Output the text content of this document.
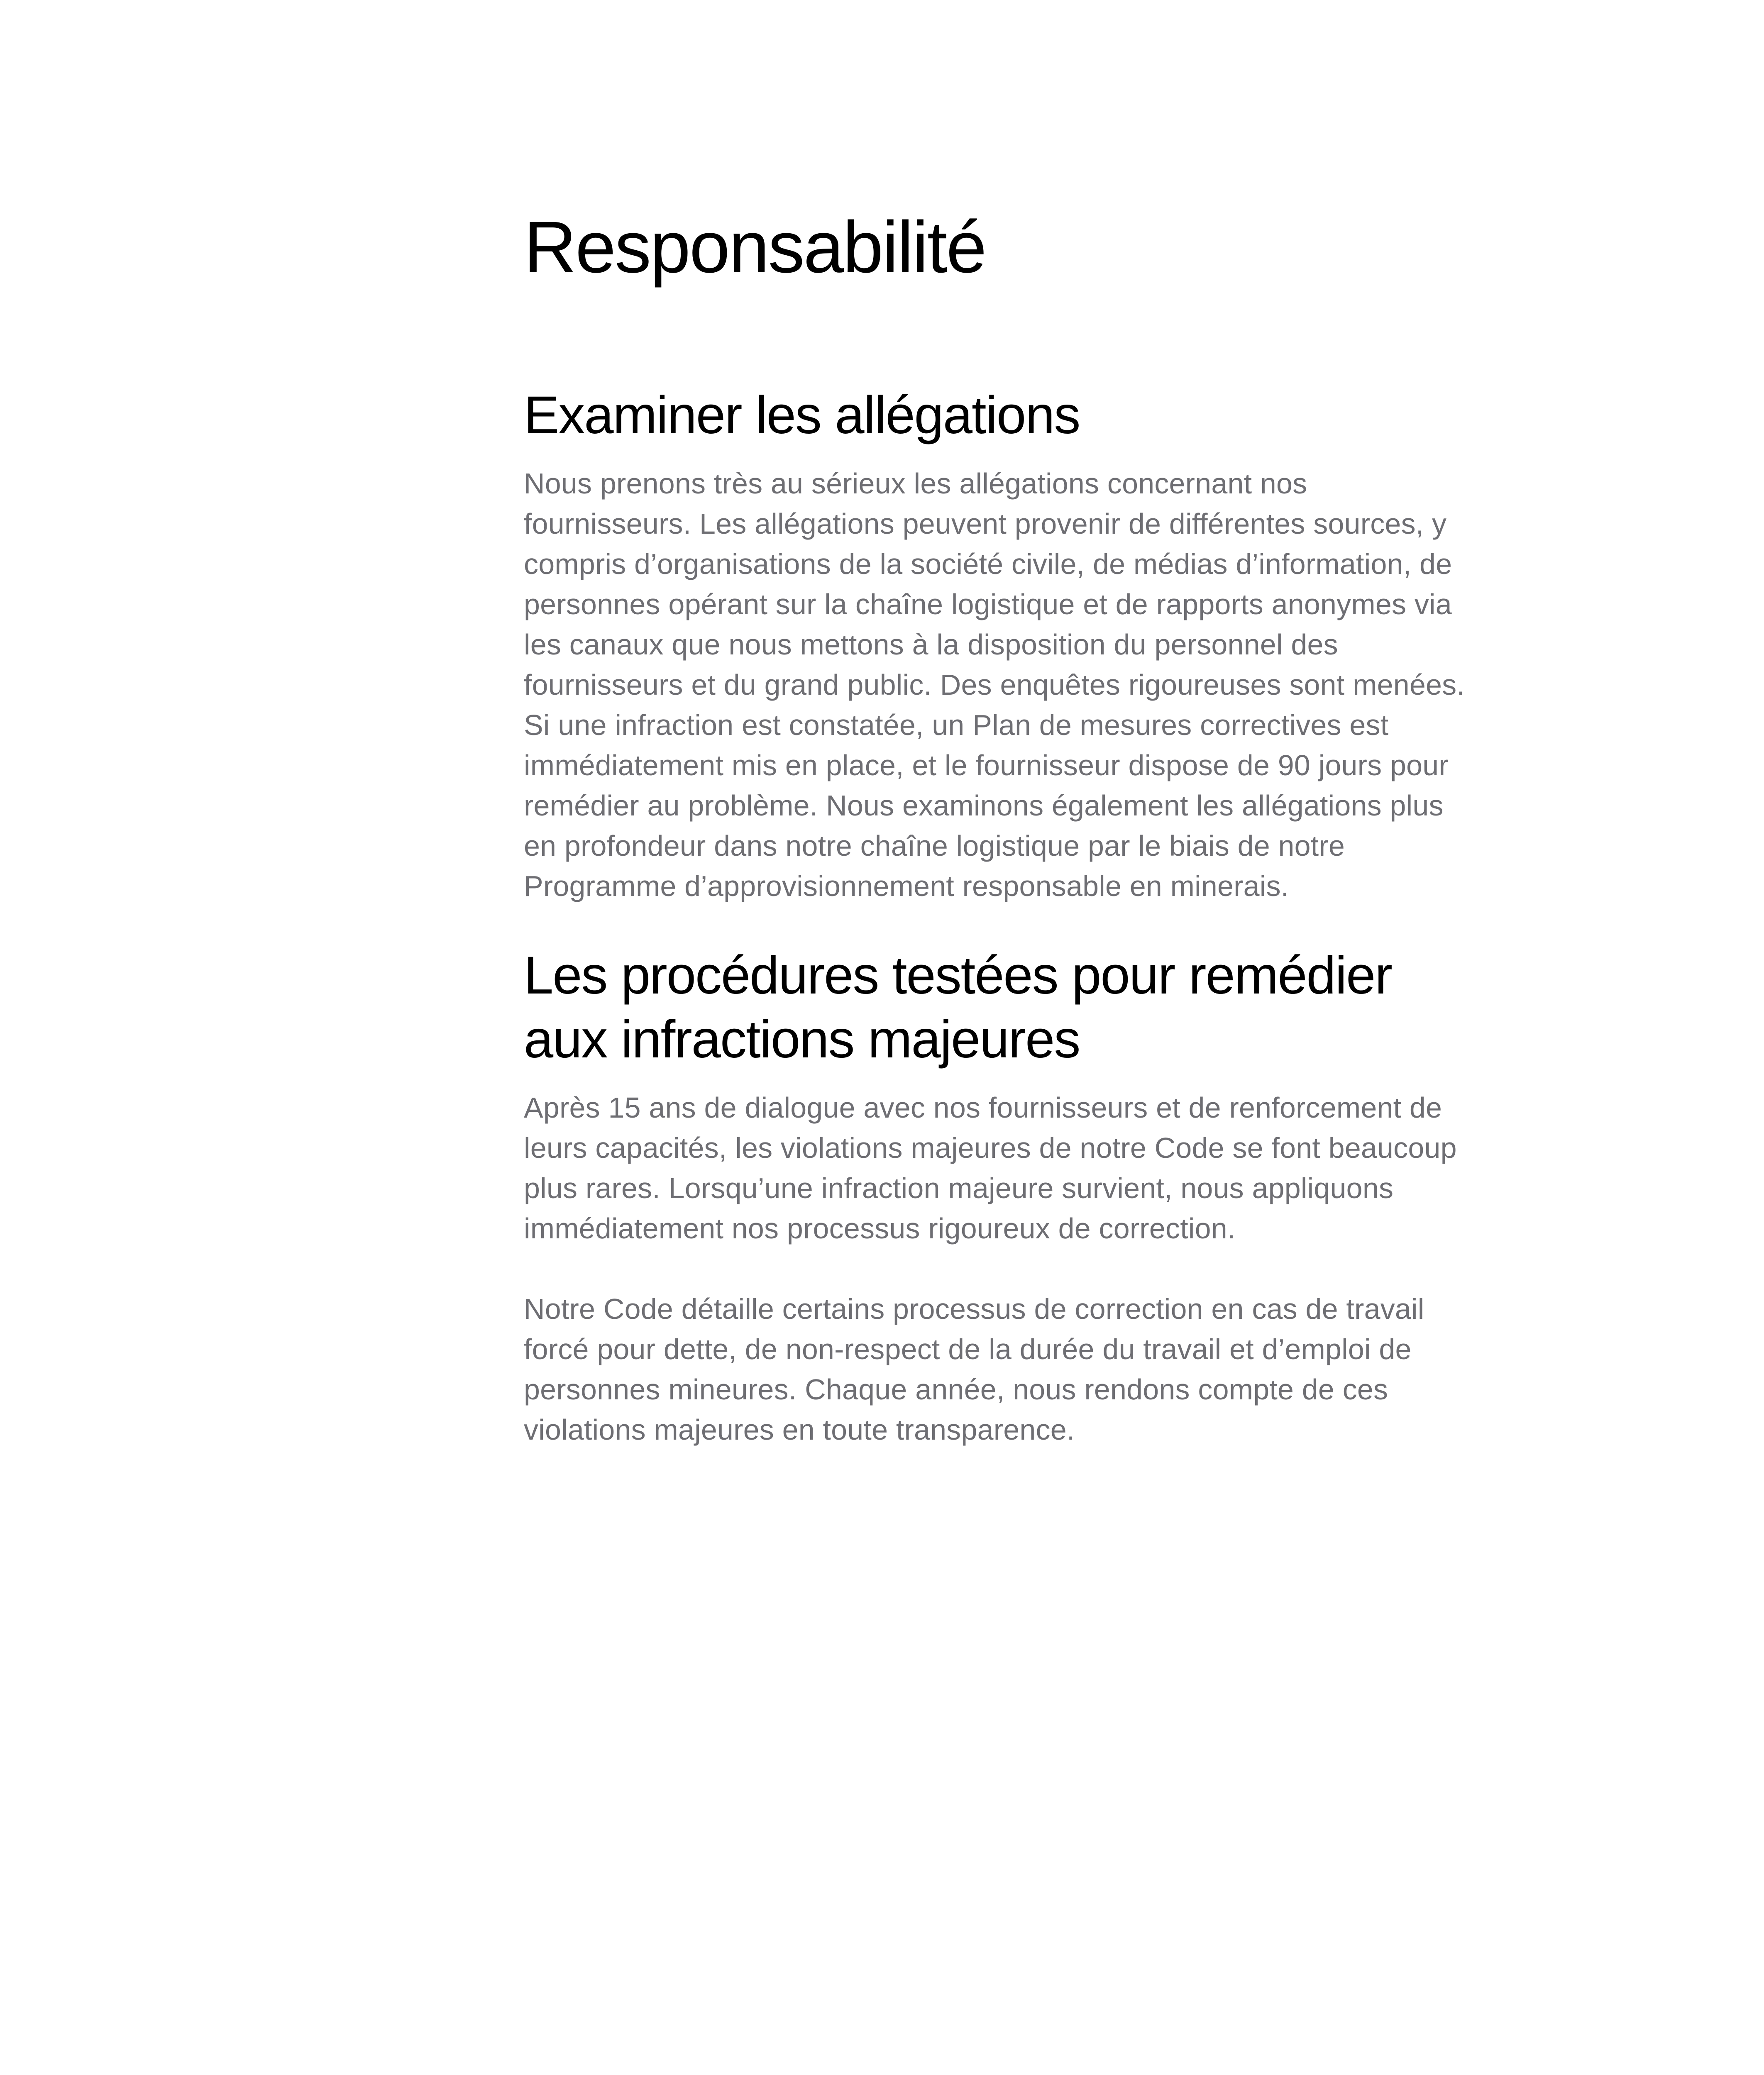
Responsabilité
Examiner les allégations

Nous prenons très au sérieux les allégations concernant nos fournisseurs. Les allégations peuvent provenir de différentes sources, y compris d’organisations de la société civile, de médias d’information, de personnes opérant sur la chaîne logistique et de rapports anonymes via les canaux que nous mettons à la disposition du personnel des fournisseurs et du grand public. Des enquêtes rigoureuses sont menées. Si une infraction est constatée, un Plan de mesures correctives est immédiatement mis en place, et le fournisseur dispose de 90 jours pour remédier au problème. Nous examinons également les allégations plus en profondeur dans notre chaîne logistique par le biais de notre Programme d’approvisionnement responsable en minerais.

Les procédures testées pour remédier aux infractions majeures

Après 15 ans de dialogue avec nos fournisseurs et de renforcement de leurs capacités, les violations majeures de notre Code se font beaucoup plus rares. Lorsqu’une infraction majeure survient, nous appliquons immédiatement nos processus rigoureux de correction.

Notre Code détaille certains processus de correction en cas de travail forcé pour dette, de non-respect de la durée du travail et d’emploi de personnes mineures. Chaque année, nous rendons compte de ces violations majeures en toute transparence.
